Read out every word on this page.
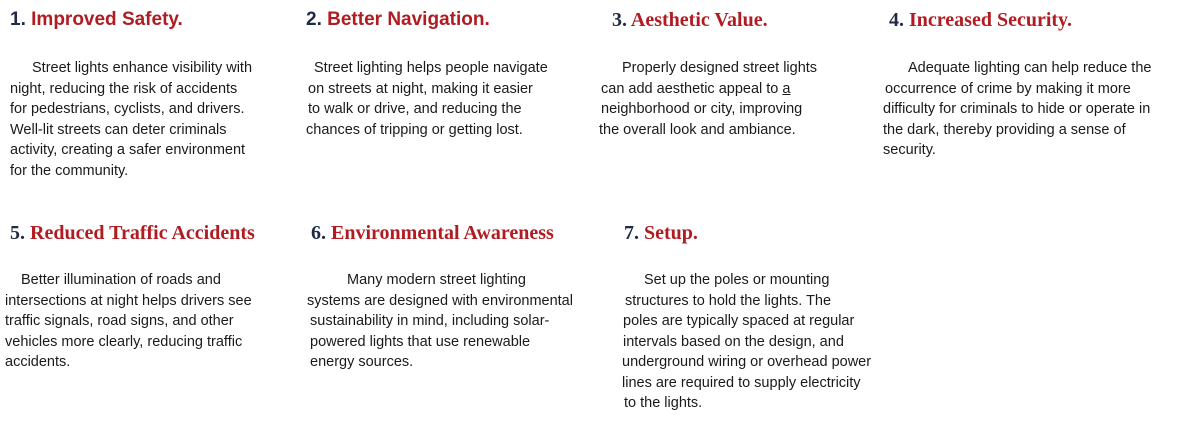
1. Improved Safety.
Street lights enhance visibility with
night, reducing the risk of accidents
for pedestrians, cyclists, and drivers.
Well-lit streets can deter criminals
activity, creating a safer environment
for the community.
2. Better Navigation.
Street lighting helps people navigate
on streets at night, making it easier
to walk or drive, and reducing the
chances of tripping or getting lost.
3. Aesthetic Value.
Properly designed street lights
can add aesthetic appeal to a
neighborhood or city, improving
the overall look and ambiance.
4. Increased Security.
Adequate lighting can help reduce the
occurrence of crime by making it more
difficulty for criminals to hide or operate in
the dark, thereby providing a sense of
security.
5. Reduced Traffic Accidents
Better illumination of roads and
intersections at night helps drivers see
traffic signals, road signs, and other
vehicles more clearly, reducing traffic
accidents.
6. Environmental Awareness
Many modern street lighting
systems are designed with environmental
sustainability in mind, including solar-
powered lights that use renewable
energy sources.
7. Setup.
Set up the poles or mounting
structures to hold the lights. The
poles are typically spaced at regular
intervals based on the design, and
underground wiring or overhead power
lines are required to supply electricity
to the lights.
